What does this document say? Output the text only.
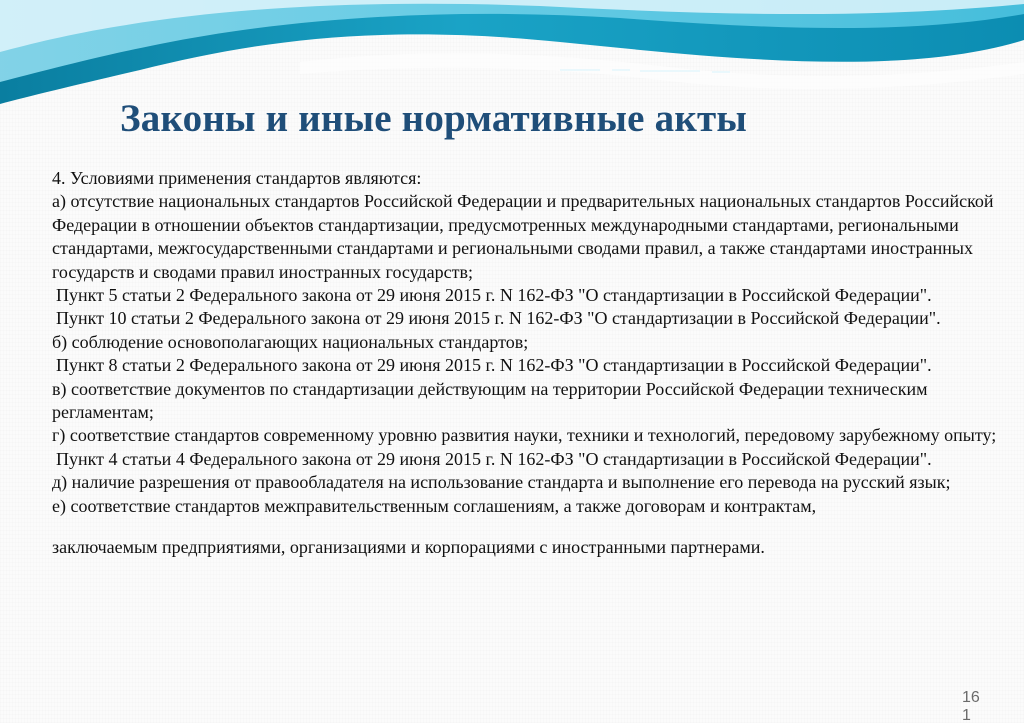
Законы и иные нормативные акты

4. Условиями применения стандартов являются:

а) отсутствие национальных стандартов Российской Федерации и предварительных национальных стандартов Российской Федерации в отношении объектов стандартизации, предусмотренных международными стандартами, региональными стандартами, межгосударственными стандартами и региональными сводами правил, а также стандартами иностранных государств и сводами правил иностранных государств;

Пункт 5 статьи 2 Федерального закона от 29 июня 2015 г. N 162-ФЗ "О стандартизации в Российской Федерации".

Пункт 10 статьи 2 Федерального закона от 29 июня 2015 г. N 162-ФЗ "О стандартизации в Российской Федерации".

б) соблюдение основополагающих национальных стандартов;

Пункт 8 статьи 2 Федерального закона от 29 июня 2015 г. N 162-ФЗ "О стандартизации в Российской Федерации".

в) соответствие документов по стандартизации действующим на территории Российской Федерации техническим регламентам;

г) соответствие стандартов современному уровню развития науки, техники и технологий, передовому зарубежному опыту;

Пункт 4 статьи 4 Федерального закона от 29 июня 2015 г. N 162-ФЗ "О стандартизации в Российской Федерации".

д) наличие разрешения от правообладателя на использование стандарта и выполнение его перевода на русский язык;

е) соответствие стандартов межправительственным соглашениям, а также договорам и контрактам,

заключаемым предприятиями, организациями и корпорациями с иностранными партнерами.

16
1
